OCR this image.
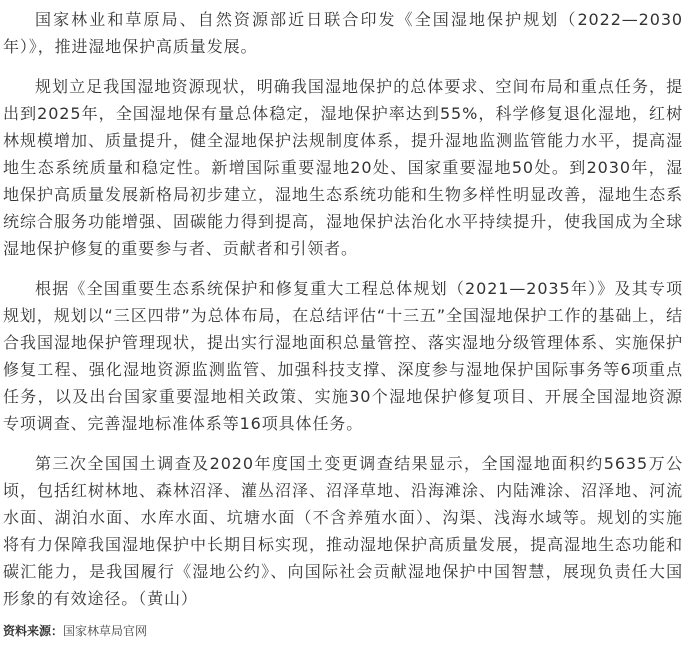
国家林业和草原局、自然资源部近日联合印发《全国湿地保护规划（2022—2030年）》，推进湿地保护高质量发展。

规划立足我国湿地资源现状，明确我国湿地保护的总体要求、空间布局和重点任务，提出到2025年，全国湿地保有量总体稳定，湿地保护率达到55%，科学修复退化湿地，红树林规模增加、质量提升，健全湿地保护法规制度体系，提升湿地监测监管能力水平，提高湿地生态系统质量和稳定性。新增国际重要湿地20处、国家重要湿地50处。到2030年，湿地保护高质量发展新格局初步建立，湿地生态系统功能和生物多样性明显改善，湿地生态系统综合服务功能增强、固碳能力得到提高，湿地保护法治化水平持续提升，使我国成为全球湿地保护修复的重要参与者、贡献者和引领者。

根据《全国重要生态系统保护和修复重大工程总体规划（2021—2035年）》及其专项规划，规划以“三区四带”为总体布局，在总结评估“十三五”全国湿地保护工作的基础上，结合我国湿地保护管理现状，提出实行湿地面积总量管控、落实湿地分级管理体系、实施保护修复工程、强化湿地资源监测监管、加强科技支撑、深度参与湿地保护国际事务等6项重点任务，以及出台国家重要湿地相关政策、实施30个湿地保护修复项目、开展全国湿地资源专项调查、完善湿地标准体系等16项具体任务。

第三次全国国土调查及2020年度国土变更调查结果显示，全国湿地面积约5635万公顷，包括红树林地、森林沼泽、灌丛沼泽、沼泽草地、沿海滩涂、内陆滩涂、沼泽地、河流水面、湖泊水面、水库水面、坑塘水面（不含养殖水面）、沟渠、浅海水域等。规划的实施将有力保障我国湿地保护中长期目标实现，推动湿地保护高质量发展，提高湿地生态功能和碳汇能力，是我国履行《湿地公约》、向国际社会贡献湿地保护中国智慧，展现负责任大国形象的有效途径。（黄山）

资料来源：国家林草局官网
